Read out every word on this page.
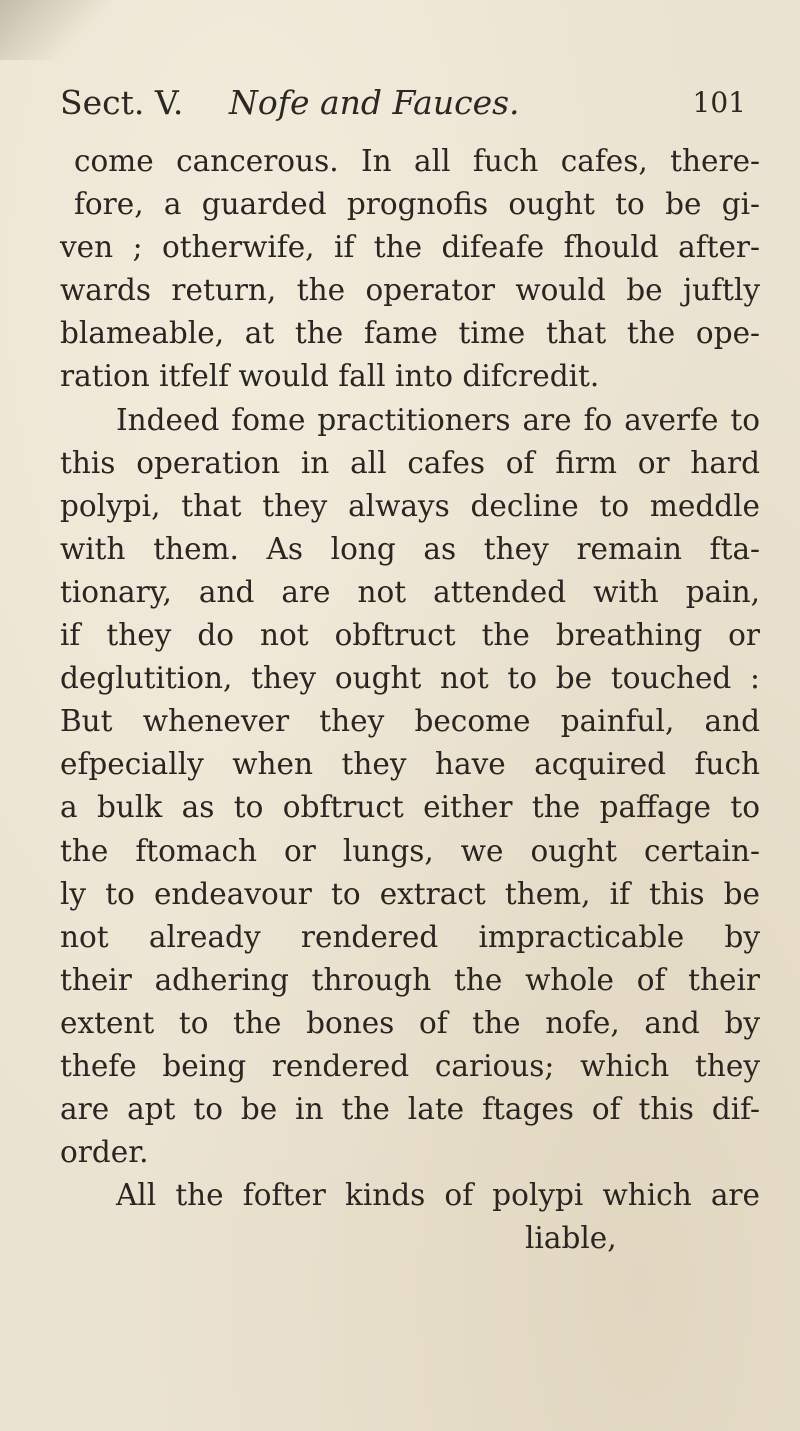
Sect. V. Nofe and Fauces.	101
come cancerous. In all fuch cafes, there-
fore, a guarded prognofis ought to be gi-
ven ; otherwife, if the difeafe fhould after-
wards return, the operator would be juftly
blameable, at the fame time that the ope-
ration itfelf would fall into difcredit.
Indeed fome practitioners are fo averfe to
this operation in all cafes of firm or hard
polypi, that they always decline to meddle
with them. As long as they remain fta-
tionary, and are not attended with pain,
if they do not obftruct the breathing or
deglutition, they ought not to be touched :
But whenever they become painful, and
efpecially when they have acquired fuch
a bulk as to obftruct either the paffage to
the ftomach or lungs, we ought certain-
ly to endeavour to extract them, if this be
not already rendered impracticable by
their adhering through the whole of their
extent to the bones of the nofe, and by
thefe being rendered carious; which they
are apt to be in the late ftages of this dif-
order.
All the fofter kinds of polypi which are
liable,
